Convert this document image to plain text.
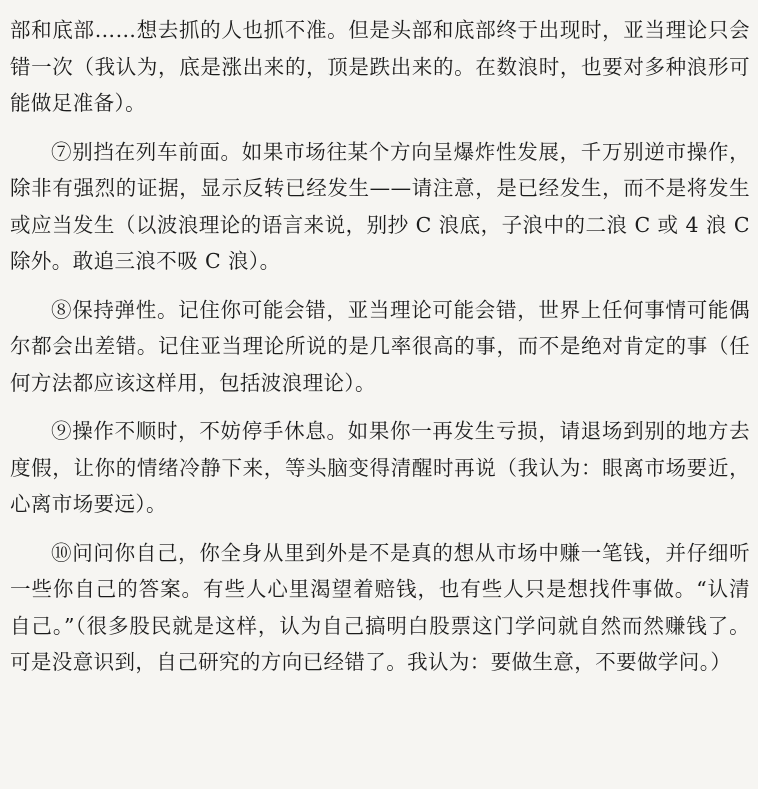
部和底部……想去抓的人也抓不准。但是头部和底部终于出现时，亚当理论只会错一次（我认为，底是涨出来的，顶是跌出来的。在数浪时，也要对多种浪形可能做足准备）。

⑦别挡在列车前面。如果市场往某个方向呈爆炸性发展，千万别逆市操作，除非有强烈的证据，显示反转已经发生——请注意，是已经发生，而不是将发生或应当发生（以波浪理论的语言来说，别抄 C 浪底，子浪中的二浪 C 或 4 浪 C 除外。敢追三浪不吸 C 浪）。

⑧保持弹性。记住你可能会错，亚当理论可能会错，世界上任何事情可能偶尔都会出差错。记住亚当理论所说的是几率很高的事，而不是绝对肯定的事（任何方法都应该这样用，包括波浪理论）。

⑨操作不顺时，不妨停手休息。如果你一再发生亏损，请退场到别的地方去度假，让你的情绪冷静下来，等头脑变得清醒时再说（我认为：眼离市场要近，心离市场要远）。

⑩问问你自己，你全身从里到外是不是真的想从市场中赚一笔钱，并仔细听一些你自己的答案。有些人心里渴望着赔钱，也有些人只是想找件事做。“认清自己。”（很多股民就是这样，认为自己搞明白股票这门学问就自然而然赚钱了。可是没意识到，自己研究的方向已经错了。我认为：要做生意，不要做学问。）
